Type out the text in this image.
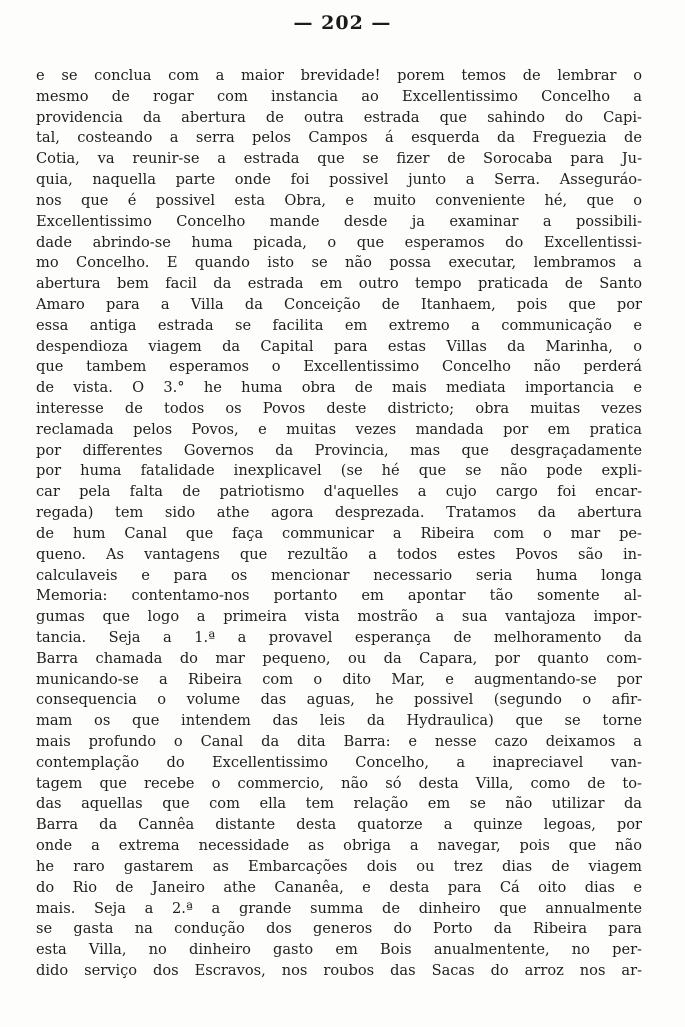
— 202 —
e se conclua com a maior brevidade! porem temos de lembrar o
mesmo de rogar com instancia ao Excellentissimo Concelho a
providencia da abertura de outra estrada que sahindo do Capi-
tal, costeando a serra pelos Campos á esquerda da Freguezia de
Cotia, va reunir-se a estrada que se fizer de Sorocaba para Ju-
quia, naquella parte onde foi possivel junto a Serra. Asseguráo-
nos que é possivel esta Obra, e muito conveniente hé, que o
Excellentissimo Concelho mande desde ja examinar a possibili-
dade abrindo-se huma picada, o que esperamos do Excellentissi-
mo Concelho. E quando isto se não possa executar, lembramos a
abertura bem facil da estrada em outro tempo praticada de Santo
Amaro para a Villa da Conceição de Itanhaem, pois que por
essa antiga estrada se facilita em extremo a communicação e
despendioza viagem da Capital para estas Villas da Marinha, o
que tambem esperamos o Excellentissimo Concelho não perderá
de vista. O 3.° he huma obra de mais mediata importancia e
interesse de todos os Povos deste districto; obra muitas vezes
reclamada pelos Povos, e muitas vezes mandada por em pratica
por differentes Governos da Provincia, mas que desgraçadamente
por huma fatalidade inexplicavel (se hé que se não pode expli-
car pela falta de patriotismo d'aquelles a cujo cargo foi encar-
regada) tem sido athe agora desprezada. Tratamos da abertura
de hum Canal que faça communicar a Ribeira com o mar pe-
queno. As vantagens que rezultão a todos estes Povos são in-
calculaveis e para os mencionar necessario seria huma longa
Memoria: contentamo-nos portanto em apontar tão somente al-
gumas que logo a primeira vista mostrão a sua vantajoza impor-
tancia. Seja a 1.ª a provavel esperança de melhoramento da
Barra chamada do mar pequeno, ou da Capara, por quanto com-
municando-se a Ribeira com o dito Mar, e augmentando-se por
consequencia o volume das aguas, he possivel (segundo o afir-
mam os que intendem das leis da Hydraulica) que se torne
mais profundo o Canal da dita Barra: e nesse cazo deixamos a
contemplação do Excellentissimo Concelho, a inapreciavel van-
tagem que recebe o commercio, não só desta Villa, como de to-
das aquellas que com ella tem relação em se não utilizar da
Barra da Cannêa distante desta quatorze a quinze legoas, por
onde a extrema necessidade as obriga a navegar, pois que não
he raro gastarem as Embarcações dois ou trez dias de viagem
do Rio de Janeiro athe Cananêa, e desta para Cá oito dias e
mais. Seja a 2.ª a grande summa de dinheiro que annualmente
se gasta na condução dos generos do Porto da Ribeira para
esta Villa, no dinheiro gasto em Bois anualmentente, no per-
dido serviço dos Escravos, nos roubos das Sacas do arroz nos ar-
